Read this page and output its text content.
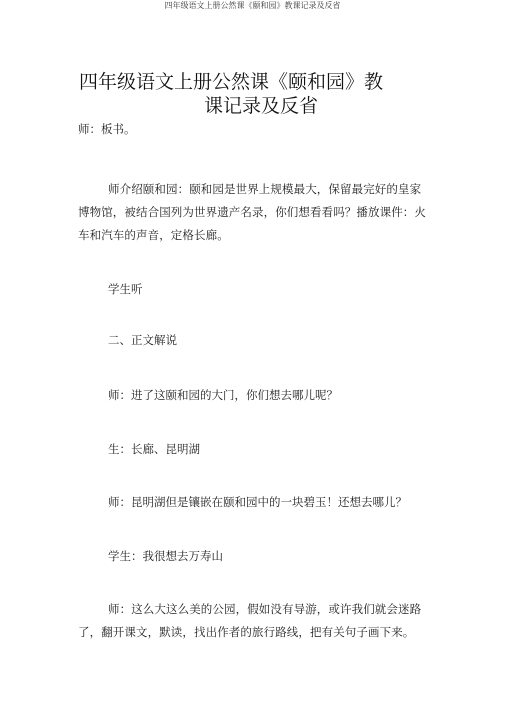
四年级语文上册公然课《颐和园》教课记录及反省
四年级语文上册公然课《颐和园》教
课记录及反省
师：板书。
师介绍颐和园：颐和园是世界上规模最大，保留最完好的皇家博物馆，被结合国列为世界遗产名录，你们想看看吗？播放课件：火车和汽车的声音，定格长廊。
学生听
二、正文解说
师：进了这颐和园的大门，你们想去哪儿呢？
生：长廊、昆明湖
师：昆明湖但是镶嵌在颐和园中的一块碧玉！还想去哪儿？
学生：我很想去万寿山
师：这么大这么美的公园，假如没有导游，或许我们就会迷路了，翻开课文，默读，找出作者的旅行路线，把有关句子画下来。
